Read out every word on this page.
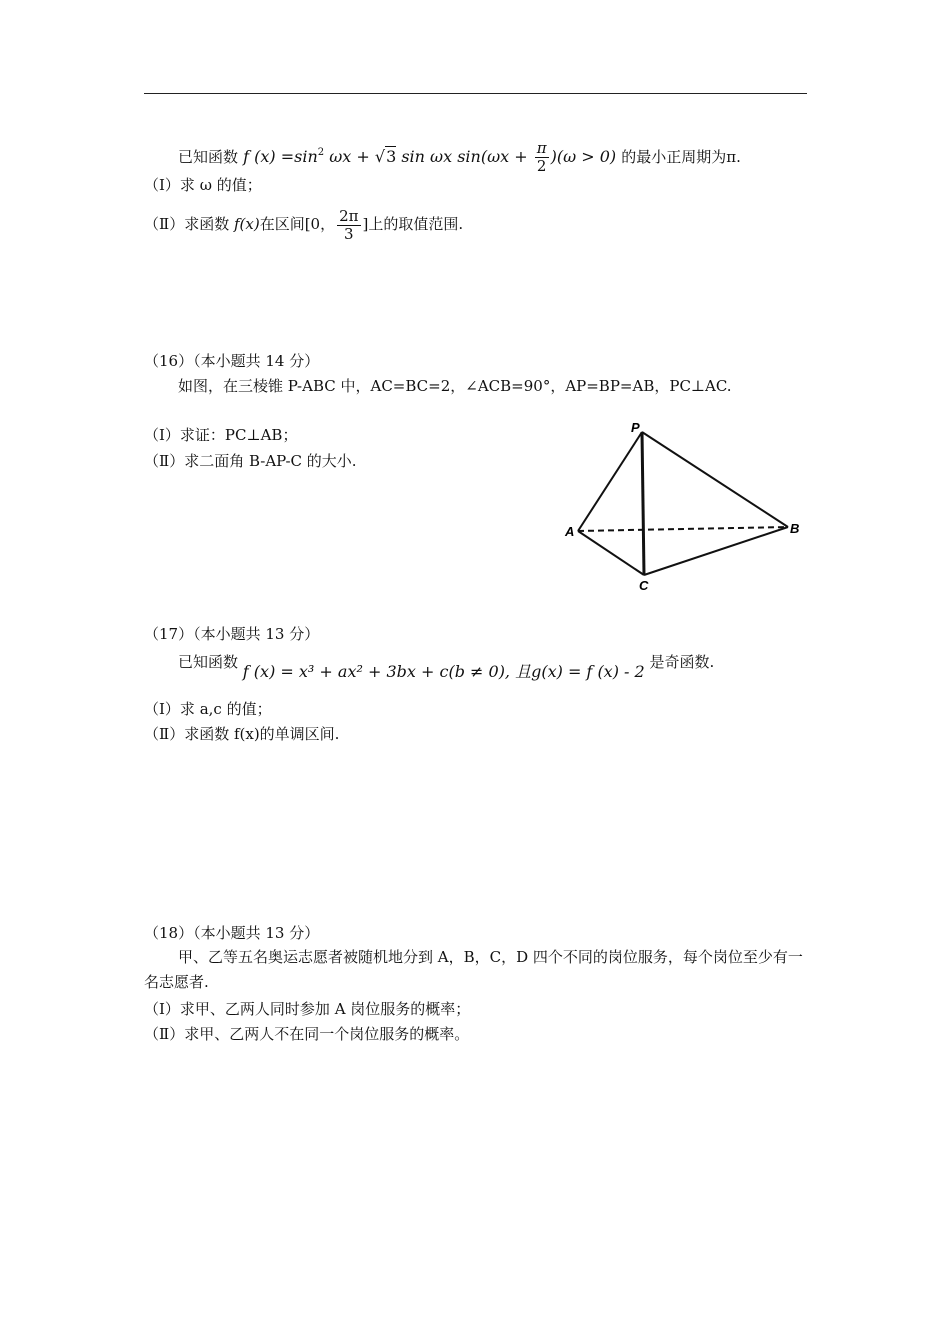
已知函数 f $(x) =\sin^2$ ωx + √3 sin ωx $\sin(\omega x + \frac{\pi}{2} )(\omega > 0)$ 的最小正周期为π.
（Ⅰ）求 ω 的值；
（Ⅱ）求函数 f(x)在区间[0， $\frac{2\pi}{3}$ ]上的取值范围.
（16）（本小题共 14 分）
如图，在三棱锥 P-ABC 中，AC=BC=2，∠ACB=90°，AP=BP=AB，PC⊥AC.
（Ⅰ）求证：PC⊥AB；
（Ⅱ）求二面角 B-AP-C 的大小.
P
A	B
C
（17）（本小题共 13 分）
已知函数 f (x) = x³ + ax² + 3bx + c(b ≠ 0), 且g(x) = f (x) - 2 是奇函数.
（Ⅰ）求 a,c 的值；
（Ⅱ）求函数 f(x)的单调区间.
（18）（本小题共 13 分）
甲、乙等五名奥运志愿者被随机地分到 A，B，C，D 四个不同的岗位服务，每个岗位至少有一名志愿者.
（Ⅰ）求甲、乙两人同时参加 A 岗位服务的概率；
（Ⅱ）求甲、乙两人不在同一个岗位服务的概率。
